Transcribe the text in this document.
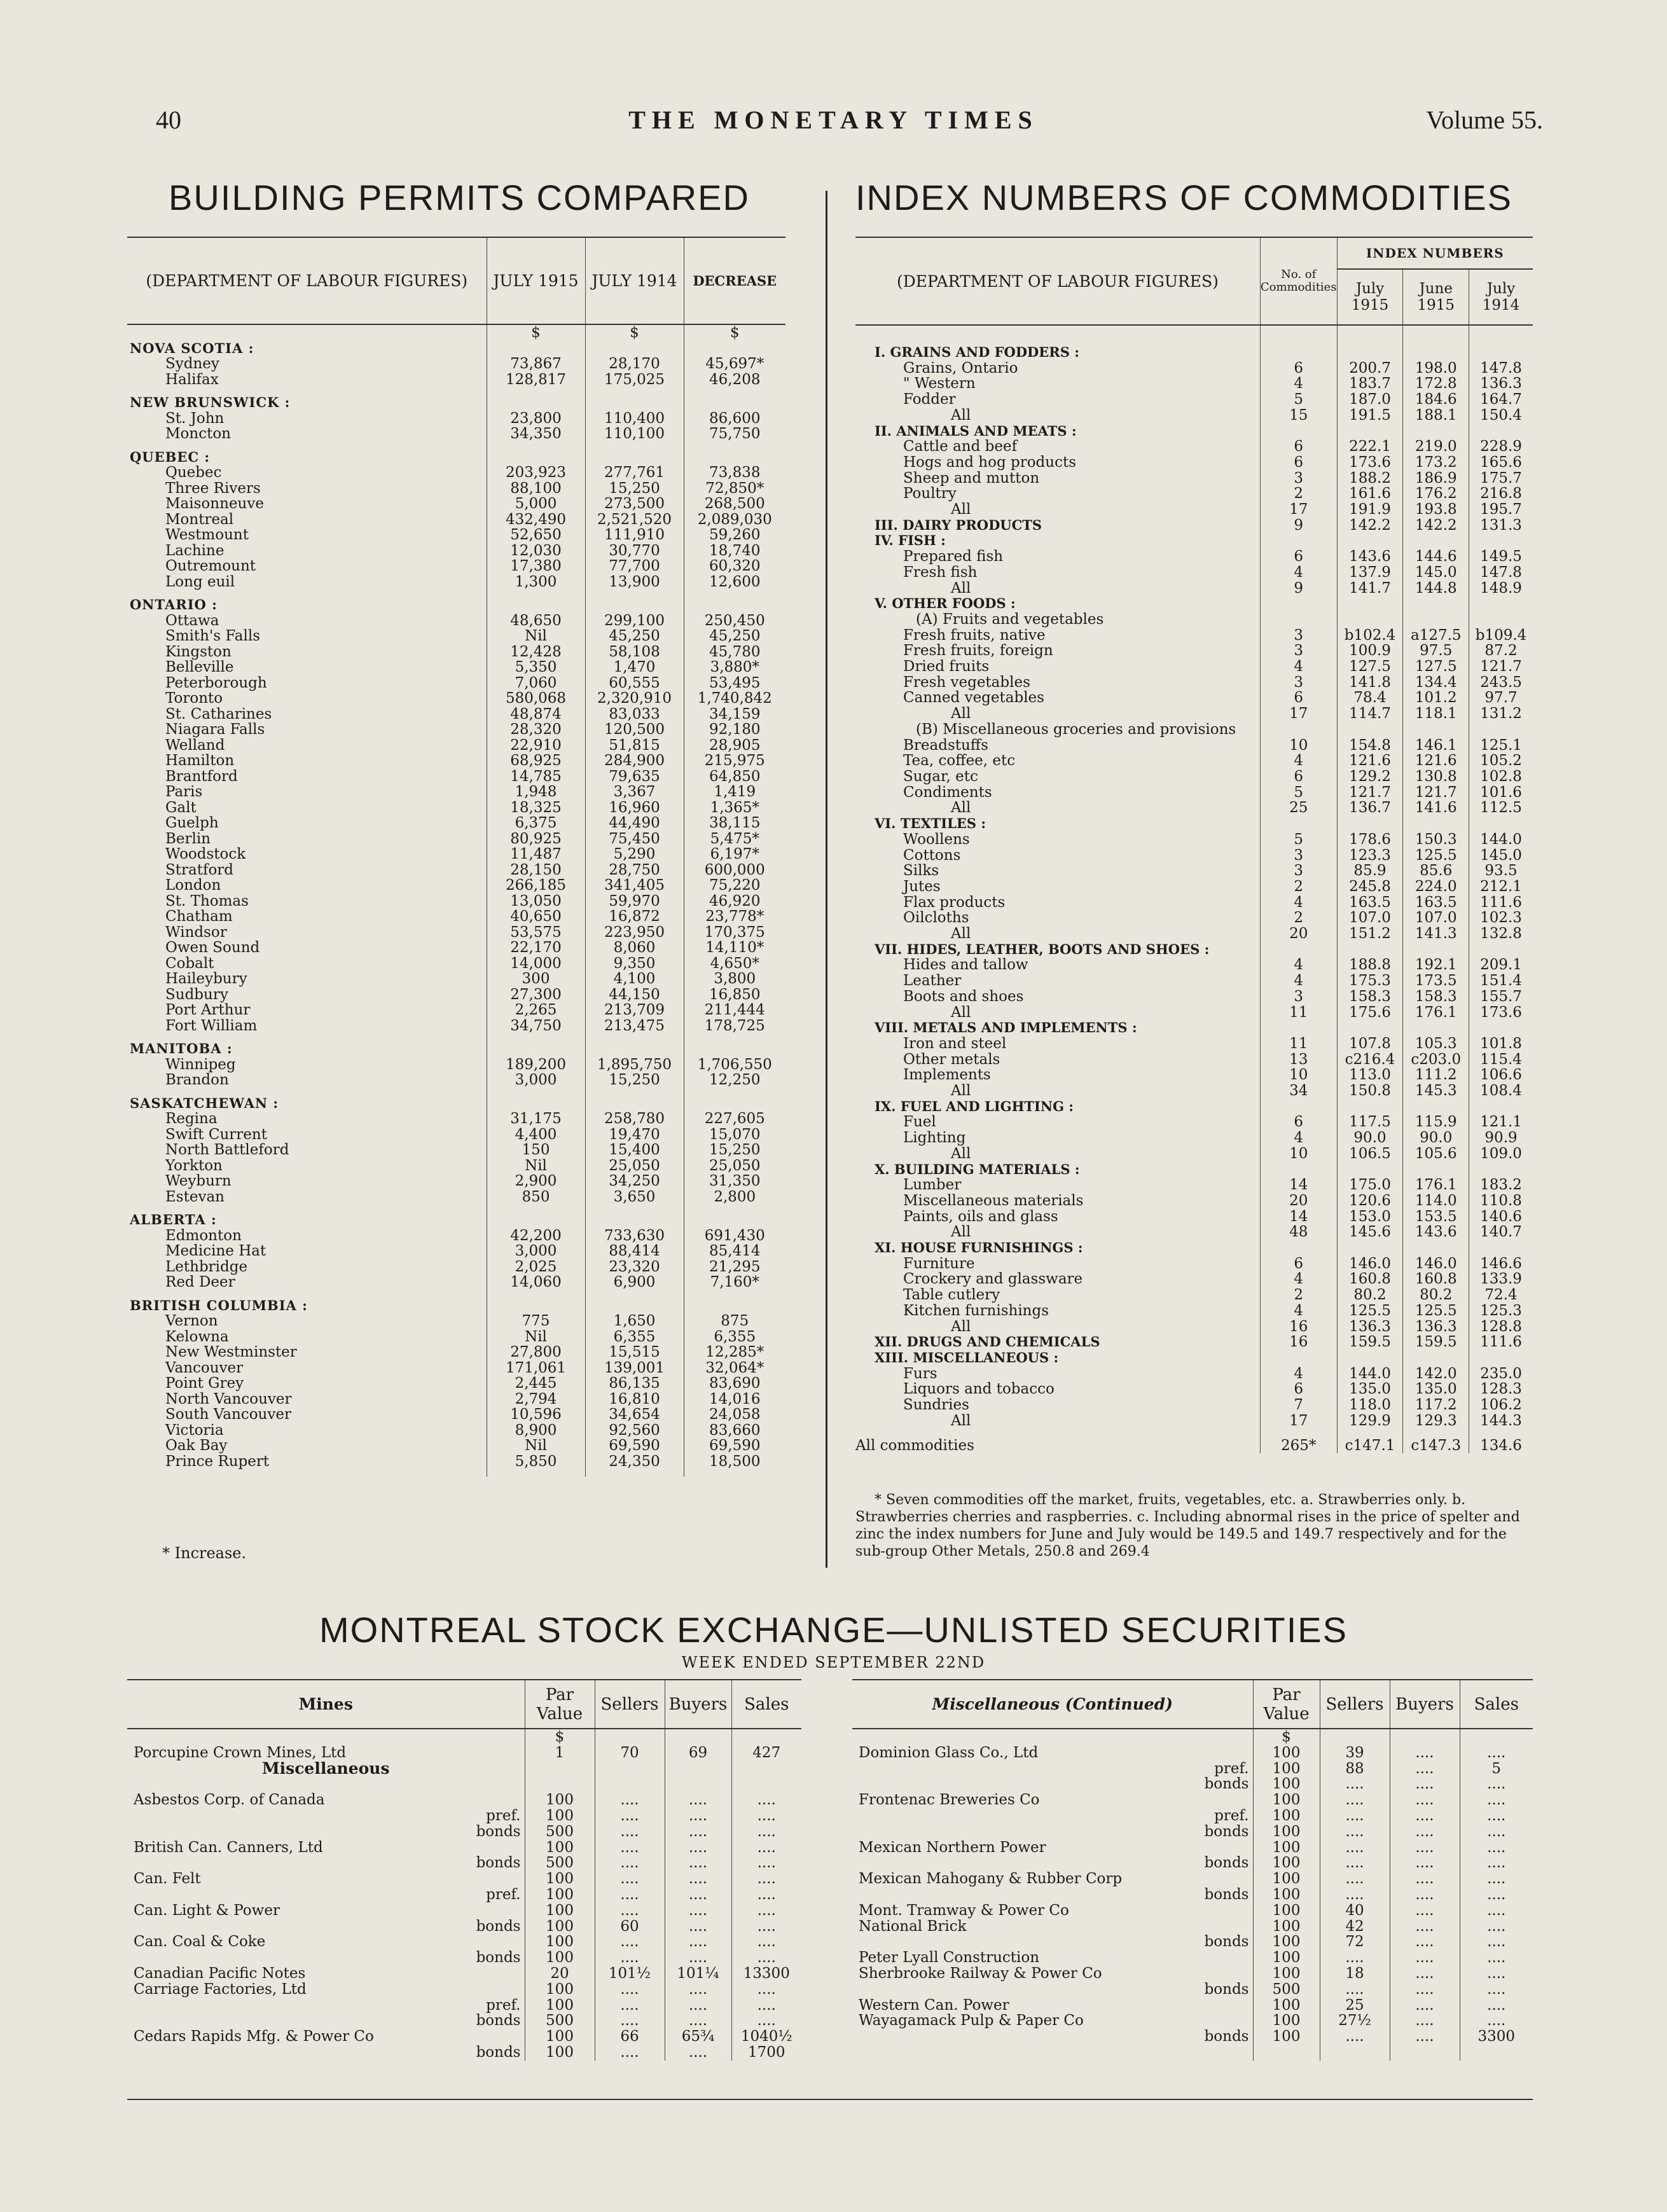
40	THE MONETARY TIMES	Volume 55.
BUILDING PERMITS COMPARED	INDEX NUMBERS OF COMMODITIES
(DEPARTMENT OF LABOUR FIGURES)	JULY 1915	JULY 1914	DECREASE
	$	$	$
NOVA SCOTIA :			
Sydney	73,867	28,170	45,697*
Halifax	128,817	175,025	46,208

NEW BRUNSWICK :			
St. John	23,800	110,400	86,600
Moncton	34,350	110,100	75,750

QUEBEC :			
Quebec	203,923	277,761	73,838
Three Rivers	88,100	15,250	72,850*
Maisonneuve	5,000	273,500	268,500
Montreal	432,490	2,521,520	2,089,030
Westmount	52,650	111,910	59,260
Lachine	12,030	30,770	18,740
Outremount	17,380	77,700	60,320
Long euil	1,300	13,900	12,600

ONTARIO :			
Ottawa	48,650	299,100	250,450
Smith's Falls	Nil	45,250	45,250
Kingston	12,428	58,108	45,780
Belleville	5,350	1,470	3,880*
Peterborough	7,060	60,555	53,495
Toronto	580,068	2,320,910	1,740,842
St. Catharines	48,874	83,033	34,159
Niagara Falls	28,320	120,500	92,180
Welland	22,910	51,815	28,905
Hamilton	68,925	284,900	215,975
Brantford	14,785	79,635	64,850
Paris	1,948	3,367	1,419
Galt	18,325	16,960	1,365*
Guelph	6,375	44,490	38,115
Berlin	80,925	75,450	5,475*
Woodstock	11,487	5,290	6,197*
Stratford	28,150	28,750	600,000
London	266,185	341,405	75,220
St. Thomas	13,050	59,970	46,920
Chatham	40,650	16,872	23,778*
Windsor	53,575	223,950	170,375
Owen Sound	22,170	8,060	14,110*
Cobalt	14,000	9,350	4,650*
Haileybury	300	4,100	3,800
Sudbury	27,300	44,150	16,850
Port Arthur	2,265	213,709	211,444
Fort William	34,750	213,475	178,725

MANITOBA :			
Winnipeg	189,200	1,895,750	1,706,550
Brandon	3,000	15,250	12,250

SASKATCHEWAN :			
Regina	31,175	258,780	227,605
Swift Current	4,400	19,470	15,070
North Battleford	150	15,400	15,250
Yorkton	Nil	25,050	25,050
Weyburn	2,900	34,250	31,350
Estevan	850	3,650	2,800

ALBERTA :			
Edmonton	42,200	733,630	691,430
Medicine Hat	3,000	88,414	85,414
Lethbridge	2,025	23,320	21,295
Red Deer	14,060	6,900	7,160*

BRITISH COLUMBIA :			
Vernon	775	1,650	875
Kelowna	Nil	6,355	6,355
New Westminster	27,800	15,515	12,285*
Vancouver	171,061	139,001	32,064*
Point Grey	2,445	86,135	83,690
North Vancouver	2,794	16,810	14,016
South Vancouver	10,596	34,654	24,058
Victoria	8,900	92,560	83,660
Oak Bay	Nil	69,590	69,590
Prince Rupert	5,850	24,350	18,500

* Increase.
(DEPARTMENT OF LABOUR FIGURES)	No. of Commodities	INDEX NUMBERS		
		July 1915	June 1915	July 1914

I. GRAINS AND FODDERS :				
Grains, Ontario	6	200.7	198.0	147.8
" Western	4	183.7	172.8	136.3
Fodder	5	187.0	184.6	164.7
All	15	191.5	188.1	150.4
II. ANIMALS AND MEATS :				
Cattle and beef	6	222.1	219.0	228.9
Hogs and hog products	6	173.6	173.2	165.6
Sheep and mutton	3	188.2	186.9	175.7
Poultry	2	161.6	176.2	216.8
All	17	191.9	193.8	195.7
III. DAIRY PRODUCTS	9	142.2	142.2	131.3
IV. FISH :				
Prepared fish	6	143.6	144.6	149.5
Fresh fish	4	137.9	145.0	147.8
All	9	141.7	144.8	148.9
V. OTHER FOODS :				
(A) Fruits and vegetables				
Fresh fruits, native	3	b102.4	a127.5	b109.4
Fresh fruits, foreign	3	100.9	97.5	87.2
Dried fruits	4	127.5	127.5	121.7
Fresh vegetables	3	141.8	134.4	243.5
Canned vegetables	6	78.4	101.2	97.7
All	17	114.7	118.1	131.2
(B) Miscellaneous groceries and provisions				
Breadstuffs	10	154.8	146.1	125.1
Tea, coffee, etc	4	121.6	121.6	105.2
Sugar, etc	6	129.2	130.8	102.8
Condiments	5	121.7	121.7	101.6
All	25	136.7	141.6	112.5
VI. TEXTILES :				
Woollens	5	178.6	150.3	144.0
Cottons	3	123.3	125.5	145.0
Silks	3	85.9	85.6	93.5
Jutes	2	245.8	224.0	212.1
Flax products	4	163.5	163.5	111.6
Oilcloths	2	107.0	107.0	102.3
All	20	151.2	141.3	132.8
VII. HIDES, LEATHER, BOOTS AND SHOES :				
Hides and tallow	4	188.8	192.1	209.1
Leather	4	175.3	173.5	151.4
Boots and shoes	3	158.3	158.3	155.7
All	11	175.6	176.1	173.6
VIII. METALS AND IMPLEMENTS :				
Iron and steel	11	107.8	105.3	101.8
Other metals	13	c216.4	c203.0	115.4
Implements	10	113.0	111.2	106.6
All	34	150.8	145.3	108.4
IX. FUEL AND LIGHTING :				
Fuel	6	117.5	115.9	121.1
Lighting	4	90.0	90.0	90.9
All	10	106.5	105.6	109.0
X. BUILDING MATERIALS :				
Lumber	14	175.0	176.1	183.2
Miscellaneous materials	20	120.6	114.0	110.8
Paints, oils and glass	14	153.0	153.5	140.6
All	48	145.6	143.6	140.7
XI. HOUSE FURNISHINGS :				
Furniture	6	146.0	146.0	146.6
Crockery and glassware	4	160.8	160.8	133.9
Table cutlery	2	80.2	80.2	72.4
Kitchen furnishings	4	125.5	125.5	125.3
All	16	136.3	136.3	128.8
XII. DRUGS AND CHEMICALS	16	159.5	159.5	111.6
XIII. MISCELLANEOUS :				
Furs	4	144.0	142.0	235.0
Liquors and tobacco	6	135.0	135.0	128.3
Sundries	7	118.0	117.2	106.2
All	17	129.9	129.3	144.3
All commodities	265*	c147.1	c147.3	134.6
* Seven commodities off the market, fruits, vegetables, etc. a. Strawberries only. b. Strawberries cherries and raspberries. c. Including abnormal rises in the price of spelter and zinc the index numbers for June and July would be 149.5 and 149.7 respectively and for the sub-group Other Metals, 250.8 and 269.4
MONTREAL STOCK EXCHANGE—UNLISTED SECURITIES
WEEK ENDED SEPTEMBER 22ND
Mines	Par Value	Sellers	Buyers	Sales
	$			
Porcupine Crown Mines, Ltd	1	70	69	427
Miscellaneous				

Asbestos Corp. of Canada	100	....	....	....
pref.	100	....	....	....
bonds	500	....	....	....
British Can. Canners, Ltd	100	....	....	....
bonds	500	....	....	....
Can. Felt	100	....	....	....
pref.	100	....	....	....
Can. Light & Power	100	....	....	....
bonds	100	60	....	....
Can. Coal & Coke	100	....	....	....
bonds	100	....	....	....
Canadian Pacific Notes	20	101½	101¼	13300
Carriage Factories, Ltd	100	....	....	....
pref.	100	....	....	....
bonds	500	....	....	....
Cedars Rapids Mfg. & Power Co	100	66	65¾	1040½
bonds	100	....	....	1700
Miscellaneous (Continued)	Par Value	Sellers	Buyers	Sales
	$			
Dominion Glass Co., Ltd	100	39	....	....
pref.	100	88	....	5
bonds	100	....	....	....
Frontenac Breweries Co	100	....	....	....
pref.	100	....	....	....
bonds	100	....	....	....
Mexican Northern Power	100	....	....	....
bonds	100	....	....	....
Mexican Mahogany & Rubber Corp	100	....	....	....
bonds	100	....	....	....
Mont. Tramway & Power Co	100	40	....	....
National Brick	100	42	....	....
bonds	100	72	....	....
Peter Lyall Construction	100	....	....	....
Sherbrooke Railway & Power Co	100	18	....	....
bonds	500	....	....	....
Western Can. Power	100	25	....	....
Wayagamack Pulp & Paper Co	100	27½	....	....
bonds	100	....	....	3300
